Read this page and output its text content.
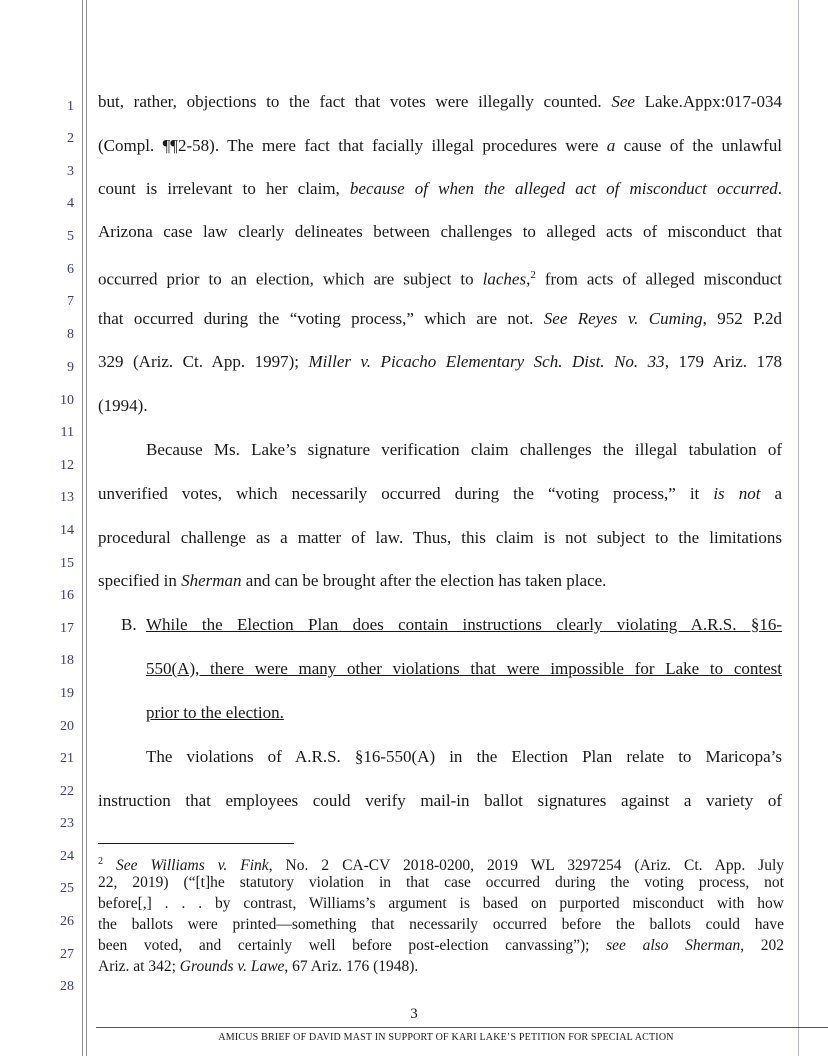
1
2
3
4
5
6
7
8
9
10
11
12
13
14
15
16
17
18
19
20
21
22
23
24
25
26
27
28
but, rather, objections to the fact that votes were illegally counted. See Lake.Appx:017-034
(Compl. ¶¶2-58). The mere fact that facially illegal procedures were a cause of the unlawful
count is irrelevant to her claim, because of when the alleged act of misconduct occurred.
Arizona case law clearly delineates between challenges to alleged acts of misconduct that
occurred prior to an election, which are subject to laches,$^2$ from acts of alleged misconduct
that occurred during the “voting process,” which are not. See Reyes v. Cuming, 952 P.2d
329 (Ariz. Ct. App. 1997); Miller v. Picacho Elementary Sch. Dist. No. 33, 179 Ariz. 178
(1994).
Because Ms. Lake’s signature verification claim challenges the illegal tabulation of
unverified votes, which necessarily occurred during the “voting process,” it is not a
procedural challenge as a matter of law. Thus, this claim is not subject to the limitations
specified in Sherman and can be brought after the election has taken place.
B. While the Election Plan does contain instructions clearly violating A.R.S. §16-
550(A), there were many other violations that were impossible for Lake to contest
prior to the election.
The violations of A.R.S. §16-550(A) in the Election Plan relate to Maricopa’s
instruction that employees could verify mail-in ballot signatures against a variety of
$^2$ See Williams v. Fink, No. 2 CA-CV 2018-0200, 2019 WL 3297254 (Ariz. Ct. App. July
22, 2019) (“[t]he statutory violation in that case occurred during the voting process, not
before[,] . . . by contrast, Williams’s argument is based on purported misconduct with how
the ballots were printed—something that necessarily occurred before the ballots could have
been voted, and certainly well before post-election canvassing”); see also Sherman, 202
Ariz. at 342; Grounds v. Lawe, 67 Ariz. 176 (1948).
3
AMICUS BRIEF OF DAVID MAST IN SUPPORT OF KARI LAKE’S PETITION FOR SPECIAL ACTION
